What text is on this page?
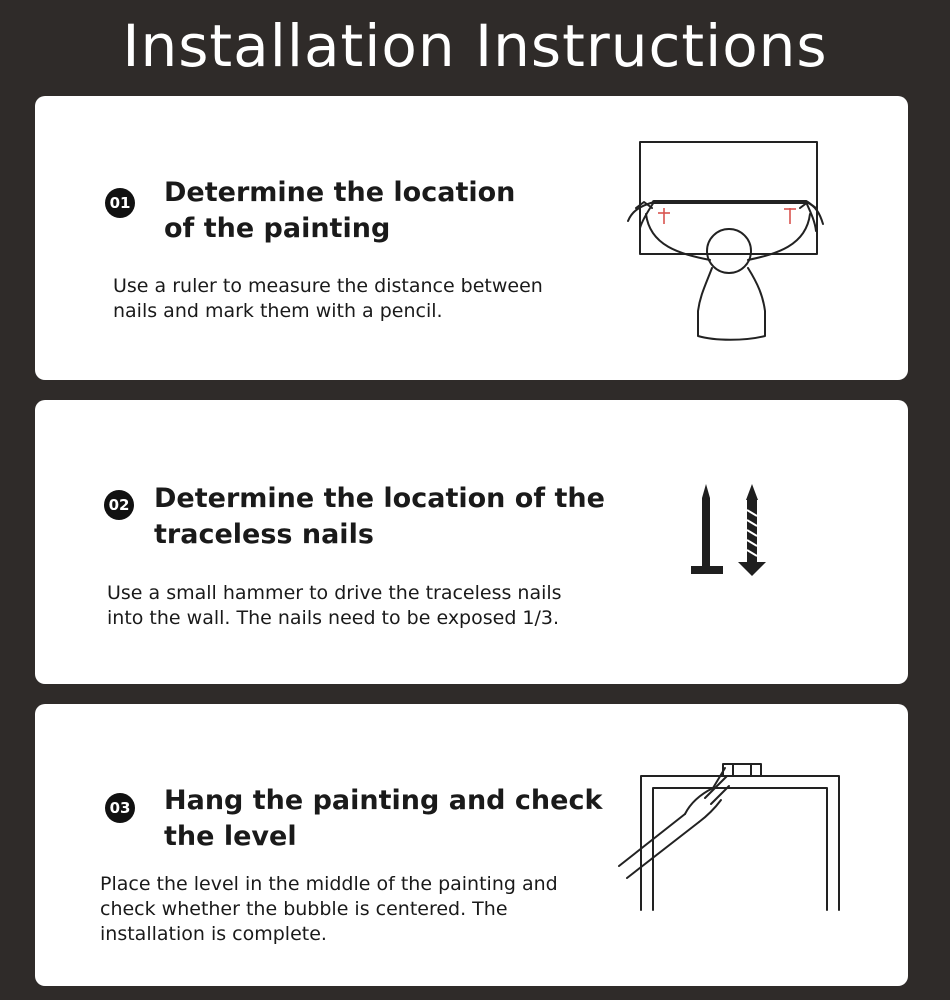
Installation Instructions
01 Determine the location
of the painting

Use a ruler to measure the distance between
nails and mark them with a pencil.

02 Determine the location of the
traceless nails

Use a small hammer to drive the traceless nails
into the wall. The nails need to be exposed 1/3.

03 Hang the painting and check
the level

Place the level in the middle of the painting and
check whether the bubble is centered. The
installation is complete.
